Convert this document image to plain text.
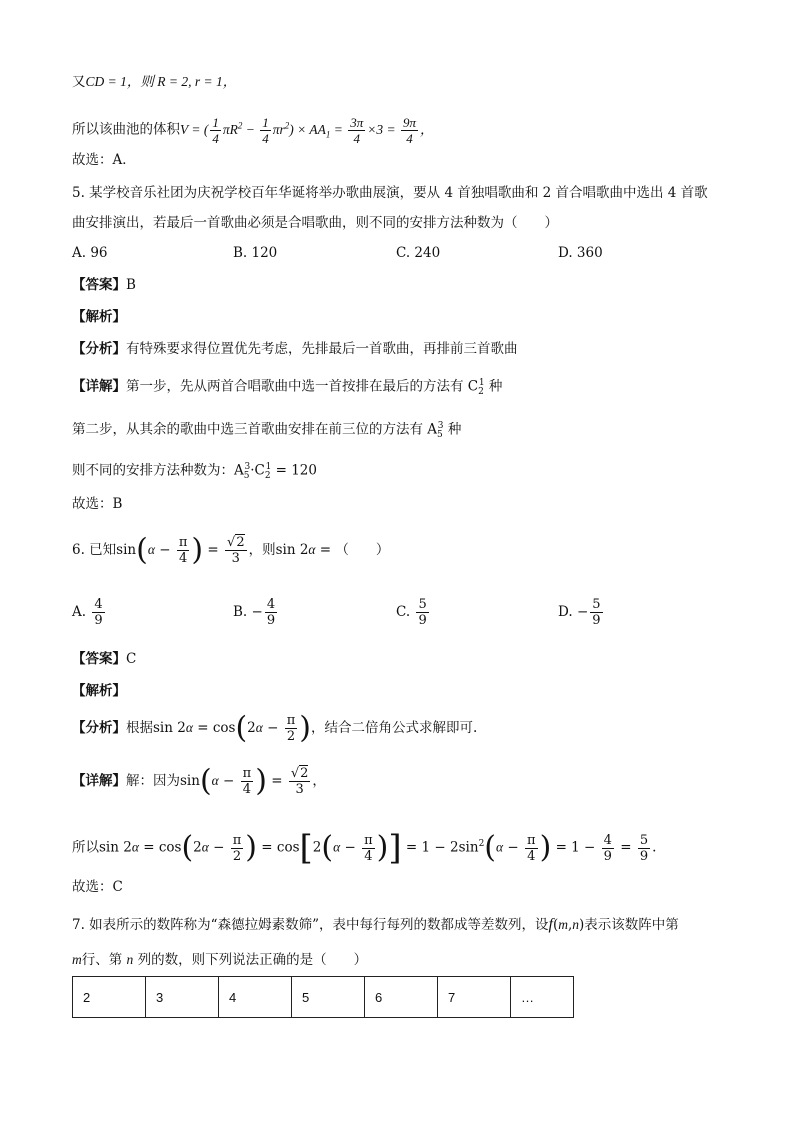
又CD = 1，则 R = 2, r = 1，
所以该曲池的体积V = ( $\frac{1}{4} \pi R^2 - \frac{1}{4} \pi r^2) \times AA_1 = \frac{3\pi}{4} \times 3 = \frac{9\pi}{4}$ ，
故选：A．
5. 某学校音乐社团为庆祝学校百年华诞将举办歌曲展演，要从 4 首独唱歌曲和 2 首合唱歌曲中选出 4 首歌
曲安排演出，若最后一首歌曲必须是合唱歌曲，则不同的安排方法种数为（　　）
A. 96	B. 120	C. 240	D. 360
【答案】B
【解析】
【分析】有特殊要求得位置优先考虑，先排最后一首歌曲，再排前三首歌曲
【详解】第一步，先从两首合唱歌曲中选一首按排在最后的方法有 $C_2^1$ 种
第二步，从其余的歌曲中选三首歌曲安排在前三位的方法有 $A_5^3$ 种
则不同的安排方法种数为：$A_5^3\cdot C_2^1 = 120$
故选：B
6. 已知$\sin(\alpha - \frac{\pi}{4}$ ) = $\frac{√2}{3}$ ，则sin 2α = （　　）
A. $\frac{4}{9}$	B. − $\frac{4}{9}$	C. $\frac{5}{9}$	D. − $\frac{5}{9}$
【答案】C
【解析】
【分析】根据$\sin 2\alpha = \cos(2\alpha - \frac{\pi}{2}$ )，结合二倍角公式求解即可.
【详解】解：因为$\sin(\alpha - \frac{\pi}{4}$ ) = $\frac{√2}{3}$ ，
所以$\sin 2\alpha = \cos(2\alpha - \frac{\pi}{2}$ ) = $\cos[2(\alpha - \frac{\pi}{4}$ )] = $1 - 2\sin^2(\alpha - \frac{\pi}{4}$ ) = $1 - \frac{4}{9} = \frac{5}{9}$ .
故选：C
7. 如表所示的数阵称为“森德拉姆素数筛”，表中每行每列的数都成等差数列，设f(m,n)表示该数阵中第
m行、第 n 列的数，则下列说法正确的是（　　）
2	3	4	5	6	7	…
